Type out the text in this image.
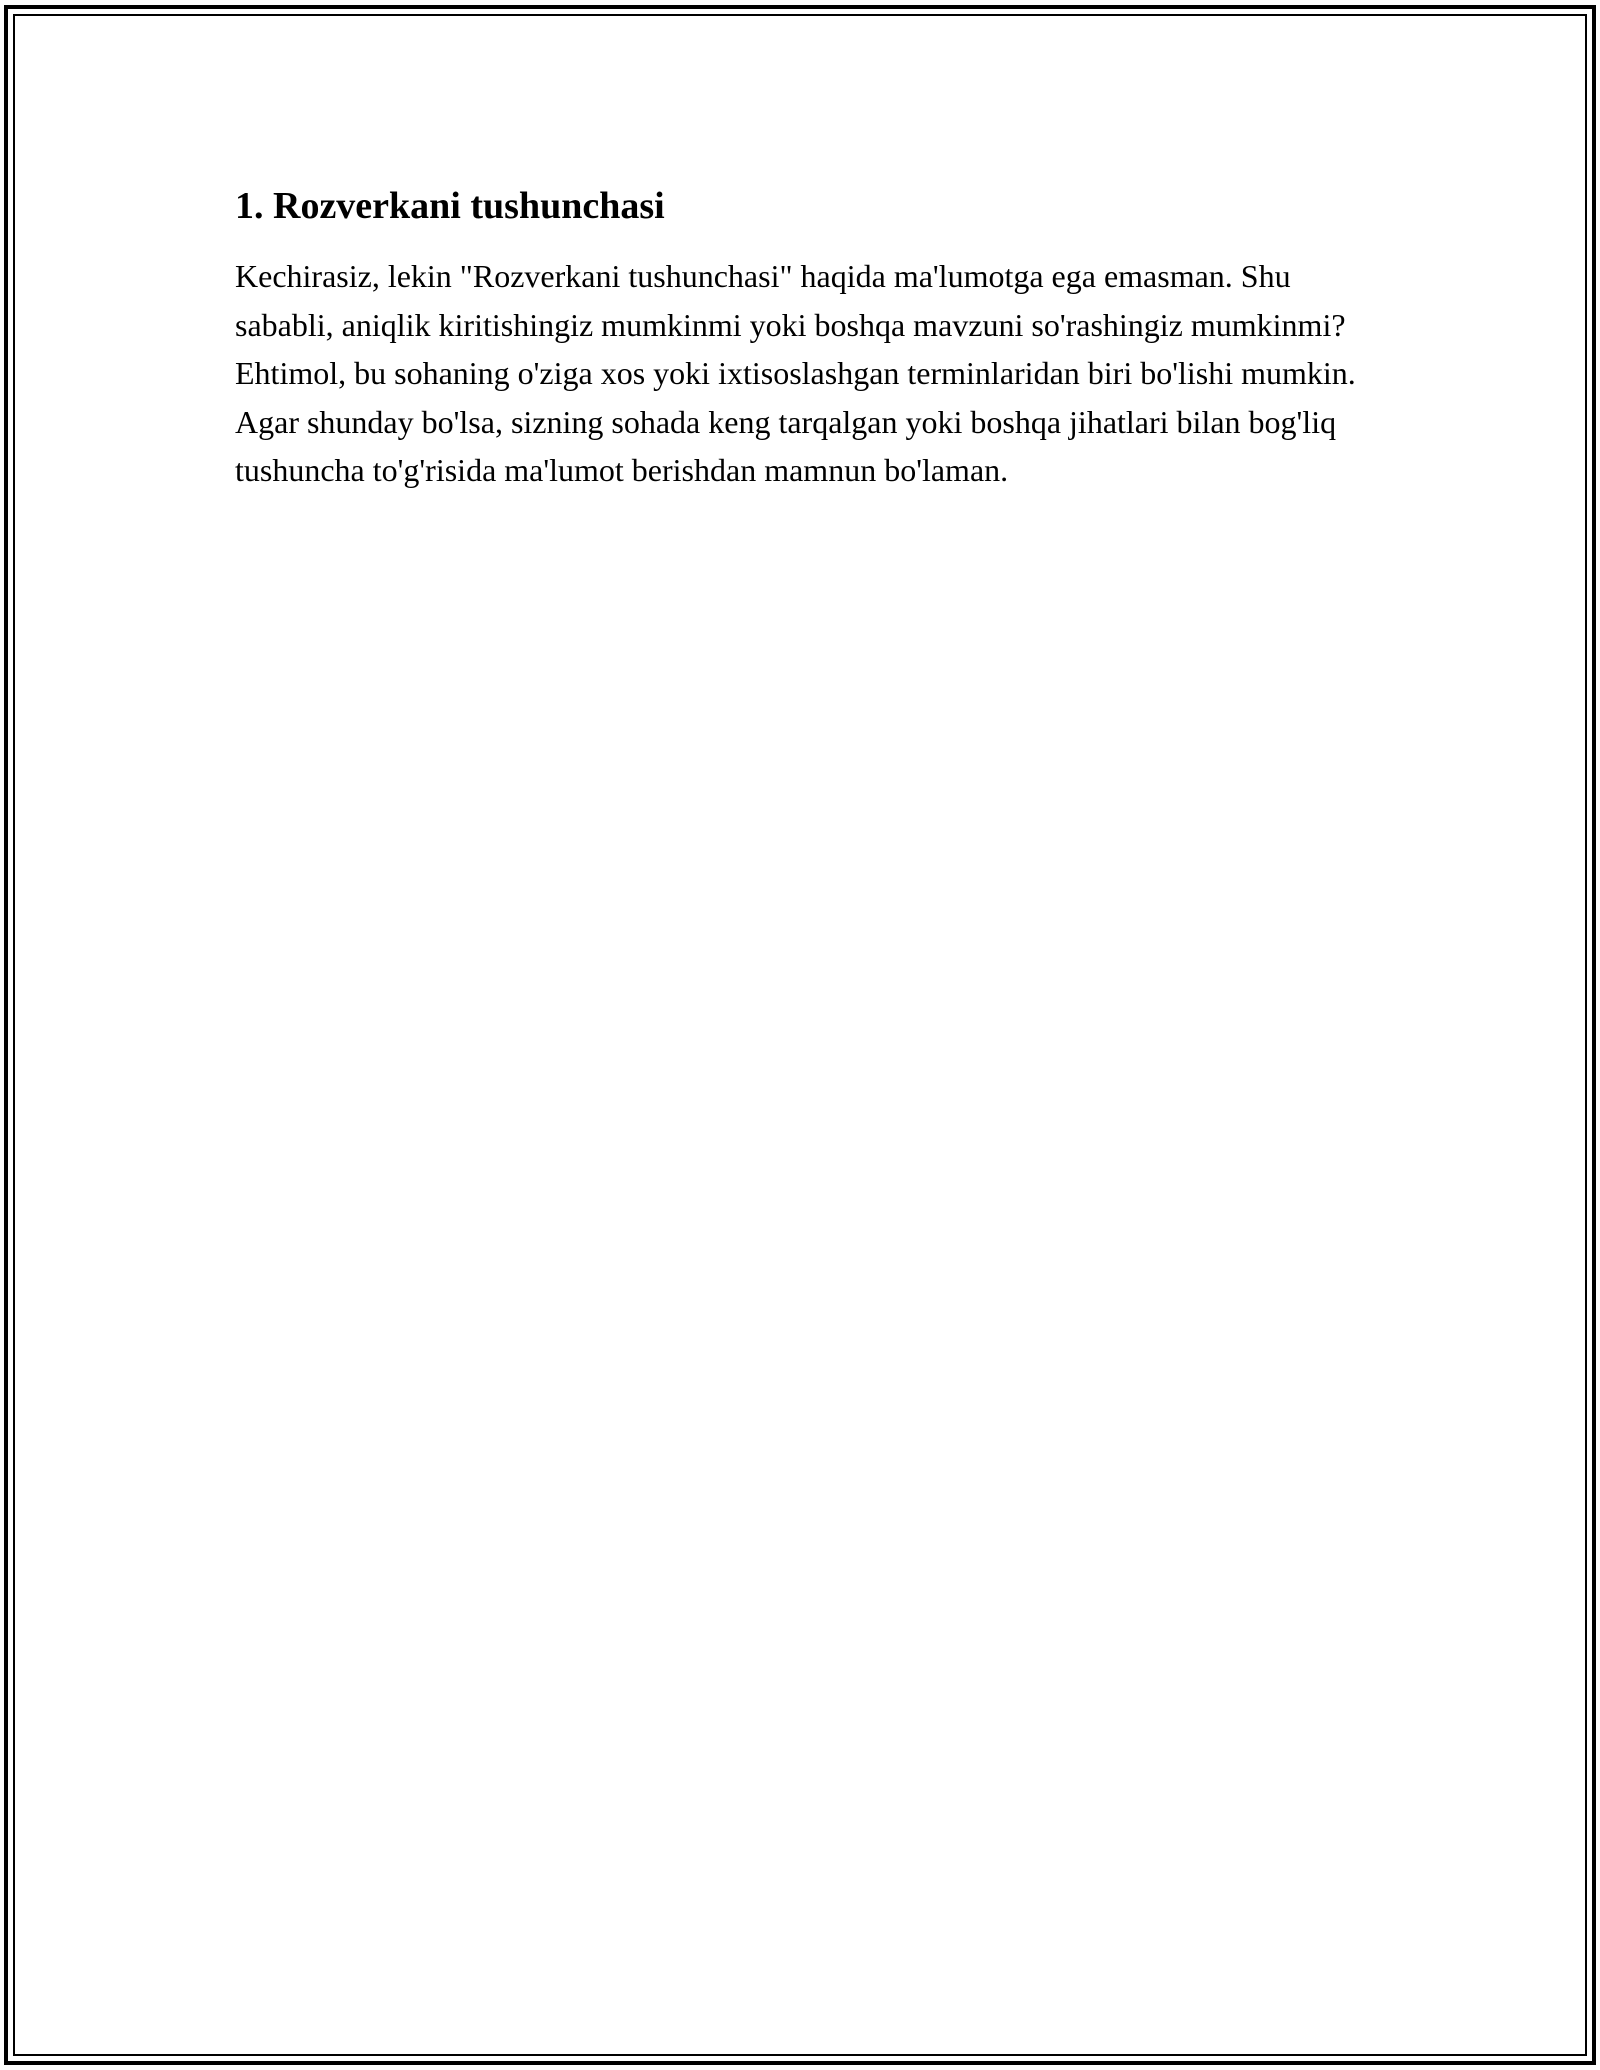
1. Rozverkani tushunchasi

Kechirasiz, lekin "Rozverkani tushunchasi" haqida ma'lumotga ega emasman. Shu sababli, aniqlik kiritishingiz mumkinmi yoki boshqa mavzuni so'rashingiz mumkinmi? Ehtimol, bu sohaning o'ziga xos yoki ixtisoslashgan terminlaridan biri bo'lishi mumkin. Agar shunday bo'lsa, sizning sohada keng tarqalgan yoki boshqa jihatlari bilan bog'liq tushuncha to'g'risida ma'lumot berishdan mamnun bo'laman.
